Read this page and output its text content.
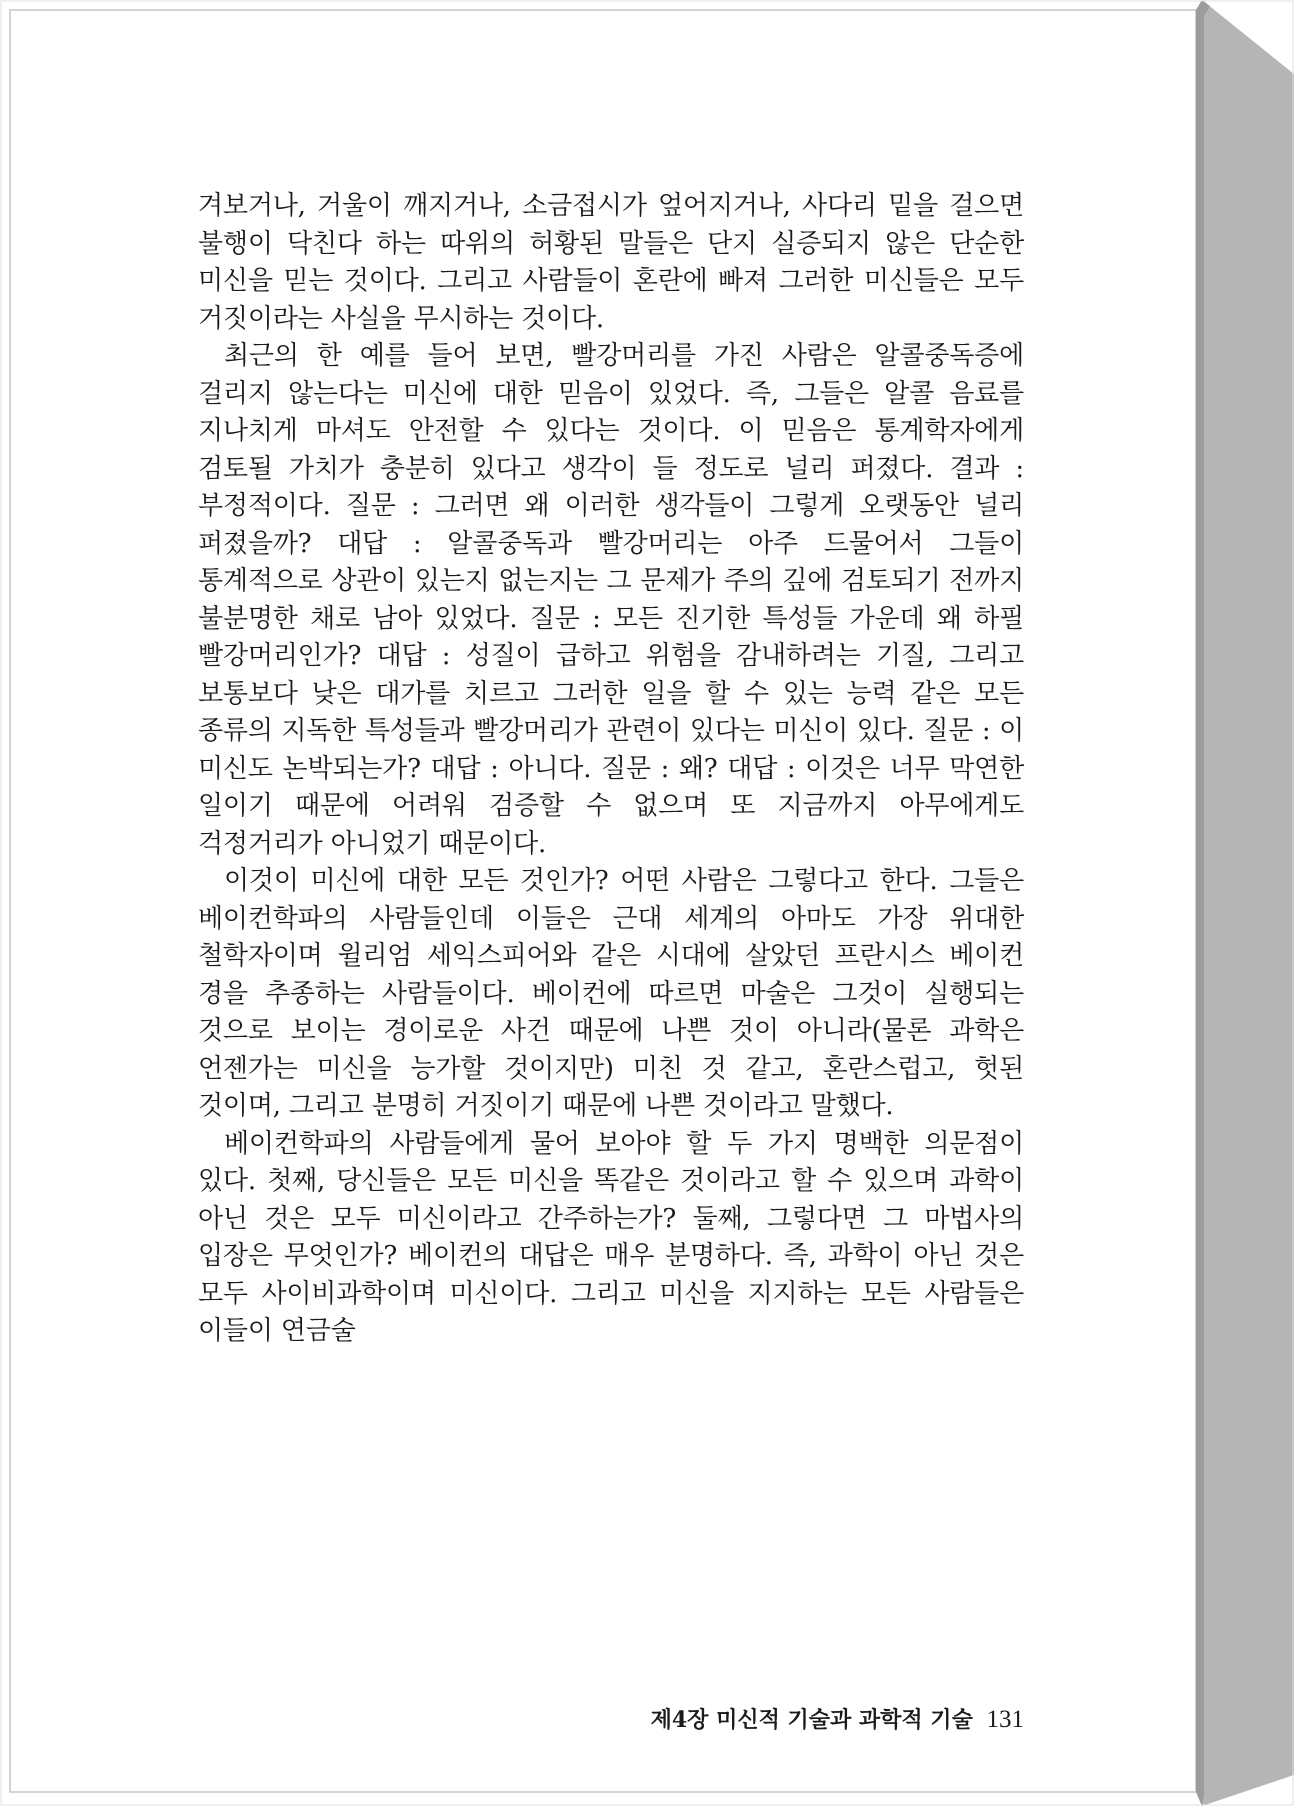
겨보거나, 거울이 깨지거나, 소금접시가 엎어지거나, 사다리 밑을 걸으면 불행이 닥친다 하는 따위의 허황된 말들은 단지 실증되지 않은 단순한 미신을 믿는 것이다. 그리고 사람들이 혼란에 빠져 그러한 미신들은 모두 거짓이라는 사실을 무시하는 것이다.

최근의 한 예를 들어 보면, 빨강머리를 가진 사람은 알콜중독증에 걸리지 않는다는 미신에 대한 믿음이 있었다. 즉, 그들은 알콜 음료를 지나치게 마셔도 안전할 수 있다는 것이다. 이 믿음은 통계학자에게 검토될 가치가 충분히 있다고 생각이 들 정도로 널리 퍼졌다. 결과 : 부정적이다. 질문 : 그러면 왜 이러한 생각들이 그렇게 오랫동안 널리 퍼졌을까? 대답 : 알콜중독과 빨강머리는 아주 드물어서 그들이 통계적으로 상관이 있는지 없는지는 그 문제가 주의 깊에 검토되기 전까지 불분명한 채로 남아 있었다. 질문 : 모든 진기한 특성들 가운데 왜 하필 빨강머리인가? 대답 : 성질이 급하고 위험을 감내하려는 기질, 그리고 보통보다 낮은 대가를 치르고 그러한 일을 할 수 있는 능력 같은 모든 종류의 지독한 특성들과 빨강머리가 관련이 있다는 미신이 있다. 질문 : 이 미신도 논박되는가? 대답 : 아니다. 질문 : 왜? 대답 : 이것은 너무 막연한 일이기 때문에 어려워 검증할 수 없으며 또 지금까지 아무에게도 걱정거리가 아니었기 때문이다.

이것이 미신에 대한 모든 것인가? 어떤 사람은 그렇다고 한다. 그들은 베이컨학파의 사람들인데 이들은 근대 세계의 아마도 가장 위대한 철학자이며 윌리엄 세익스피어와 같은 시대에 살았던 프란시스 베이컨 경을 추종하는 사람들이다. 베이컨에 따르면 마술은 그것이 실행되는 것으로 보이는 경이로운 사건 때문에 나쁜 것이 아니라(물론 과학은 언젠가는 미신을 능가할 것이지만) 미친 것 같고, 혼란스럽고, 헛된 것이며, 그리고 분명히 거짓이기 때문에 나쁜 것이라고 말했다.

베이컨학파의 사람들에게 물어 보아야 할 두 가지 명백한 의문점이 있다. 첫째, 당신들은 모든 미신을 똑같은 것이라고 할 수 있으며 과학이 아닌 것은 모두 미신이라고 간주하는가? 둘째, 그렇다면 그 마법사의 입장은 무엇인가? 베이컨의 대답은 매우 분명하다. 즉, 과학이 아닌 것은 모두 사이비과학이며 미신이다. 그리고 미신을 지지하는 모든 사람들은 이들이 연금술

제4장 미신적 기술과 과학적 기술 131
